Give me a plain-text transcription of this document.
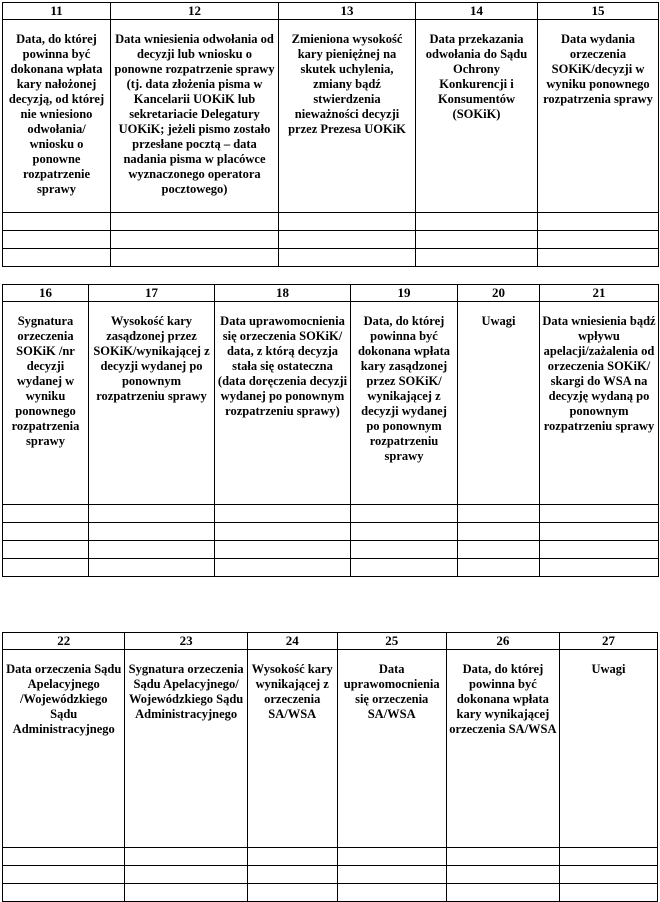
11	12	13	14	15
Data, do której powinna być dokonana wpłata kary nałożonej decyzją, od której nie wniesiono odwołania/ wniosku o ponowne rozpatrzenie sprawy	Data wniesienia odwołania od decyzji lub wniosku o ponowne rozpatrzenie sprawy (tj. data złożenia pisma w Kancelarii UOKiK lub sekretariacie Delegatury UOKiK; jeżeli pismo zostało przesłane pocztą – data nadania pisma w placówce wyznaczonego operatora pocztowego)	Zmieniona wysokość kary pieniężnej na skutek uchylenia, zmiany bądź stwierdzenia nieważności decyzji przez Prezesa UOKiK	Data przekazania odwołania do Sądu Ochrony Konkurencji i Konsumentów (SOKiK)	Data wydania orzeczenia SOKiK/decyzji w wyniku ponownego rozpatrzenia sprawy

16	17	18	19	20	21
Sygnatura orzeczenia SOKiK /nr decyzji wydanej w wyniku ponownego rozpatrzenia sprawy	Wysokość kary zasądzonej przez SOKiK/wynikającej z decyzji wydanej po ponownym rozpatrzeniu sprawy	Data uprawomocnienia się orzeczenia SOKiK/ data, z którą decyzja stała się ostateczna (data doręczenia decyzji wydanej po ponownym rozpatrzeniu sprawy)	Data, do której powinna być dokonana wpłata kary zasądzonej przez SOKiK/ wynikającej z decyzji wydanej po ponownym rozpatrzeniu sprawy	Uwagi	Data wniesienia bądź wpływu apelacji/zażalenia od orzeczenia SOKiK/ skargi do WSA na decyzję wydaną po ponownym rozpatrzeniu sprawy

22	23	24	25	26	27
Data orzeczenia Sądu Apelacyjnego /Wojewódzkiego Sądu Administracyjnego	Sygnatura orzeczenia Sądu Apelacyjnego/ Wojewódzkiego Sądu Administracyjnego	Wysokość kary wynikającej z orzeczenia SA/WSA	Data uprawomocnienia się orzeczenia SA/WSA	Data, do której powinna być dokonana wpłata kary wynikającej orzeczenia SA/WSA	Uwagi
